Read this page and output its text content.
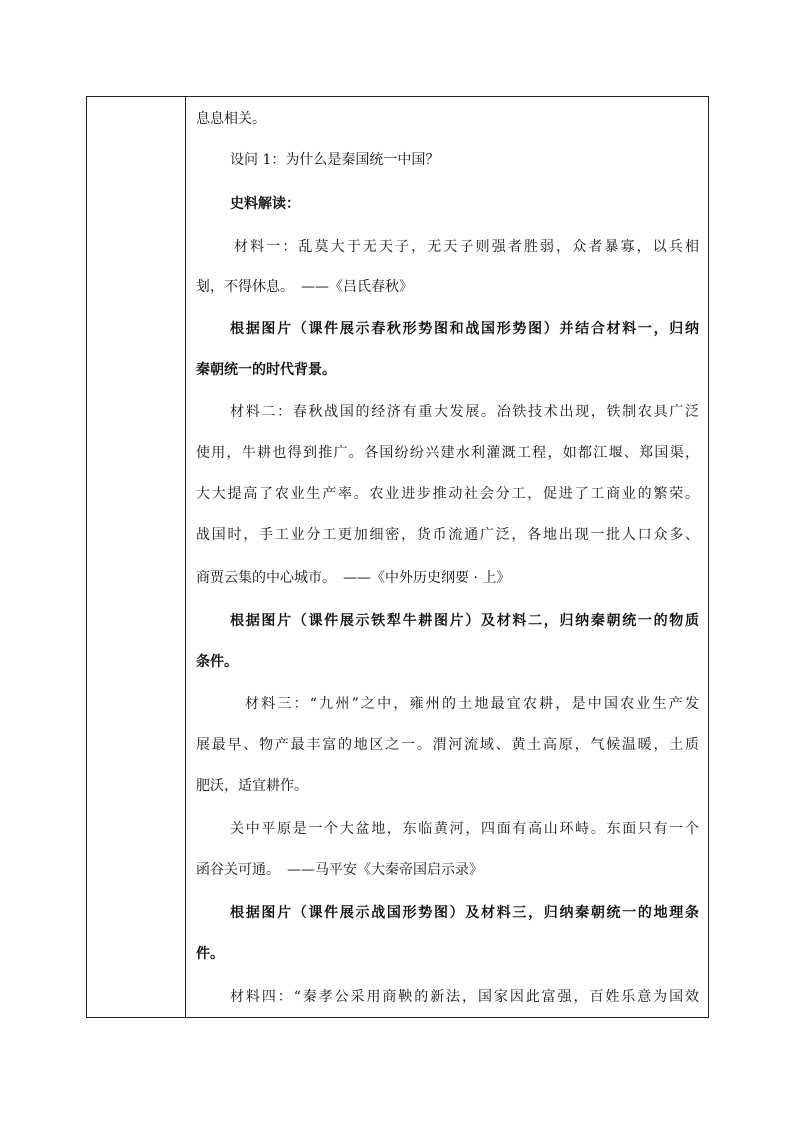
息息相关。
设问 1：为什么是秦国统一中国？
史料解读：
材料一：乱莫大于无天子，无天子则强者胜弱，众者暴寡，以兵相
刬，不得休息。　——《吕氏春秋》
根据图片（课件展示春秋形势图和战国形势图）并结合材料一，归纳
秦朝统一的时代背景。
材料二：春秋战国的经济有重大发展。冶铁技术出现，铁制农具广泛
使用，牛耕也得到推广。各国纷纷兴建水利灌溉工程，如都江堰、郑国渠，
大大提高了农业生产率。农业进步推动社会分工，促进了工商业的繁荣。
战国时，手工业分工更加细密，货币流通广泛，各地出现一批人口众多、
商贾云集的中心城市。　——《中外历史纲要 · 上》
根据图片（课件展示铁犁牛耕图片）及材料二，归纳秦朝统一的物质
条件。
材料三：“九州”之中，雍州的土地最宜农耕，是中国农业生产发
展最早、物产最丰富的地区之一。渭河流域、黄土高原，气候温暖，土质
肥沃，适宜耕作。
关中平原是一个大盆地，东临黄河，四面有高山环峙。东面只有一个
函谷关可通。　——马平安《大秦帝国启示录》
根据图片（课件展示战国形势图）及材料三，归纳秦朝统一的地理条
件。
材料四：“秦孝公采用商鞅的新法，国家因此富强，百姓乐意为国效
